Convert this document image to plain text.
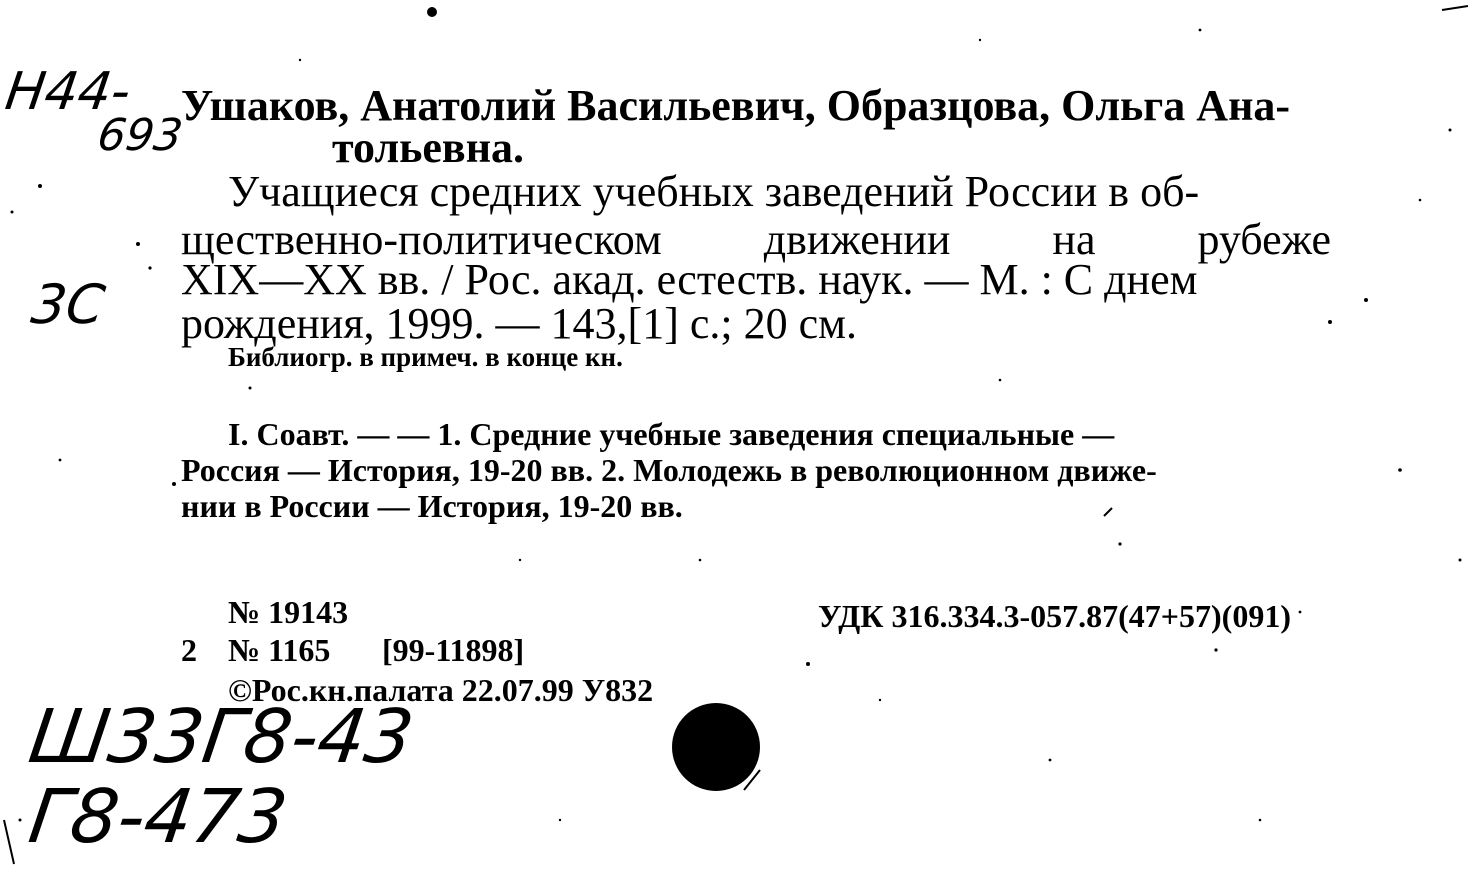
Н44-
693
3С
Ушаков, Анатолий Васильевич, Образцова, Ольга Ана-
тольевна.
Учащиеся средних учебных заведений России в об-
щественно-политическом движении на рубеже
XIX—XX вв. / Рос. акад. естеств. наук. — М. : С днем
рождения, 1999. — 143,[1] с.; 20 см.
Библиогр. в примеч. в конце кн.
I. Соавт. — — 1. Средние учебные заведения специальные —
Россия — История, 19-20 вв. 2. Молодежь в революционном движе-
нии в России — История, 19-20 вв.
№ 19143
2 № 1165 [99-11898]
©Рос.кн.палата 22.07.99 У832
УДК 316.334.3-057.87(47+57)(091)
Ш33Г8-43
Г8-473
